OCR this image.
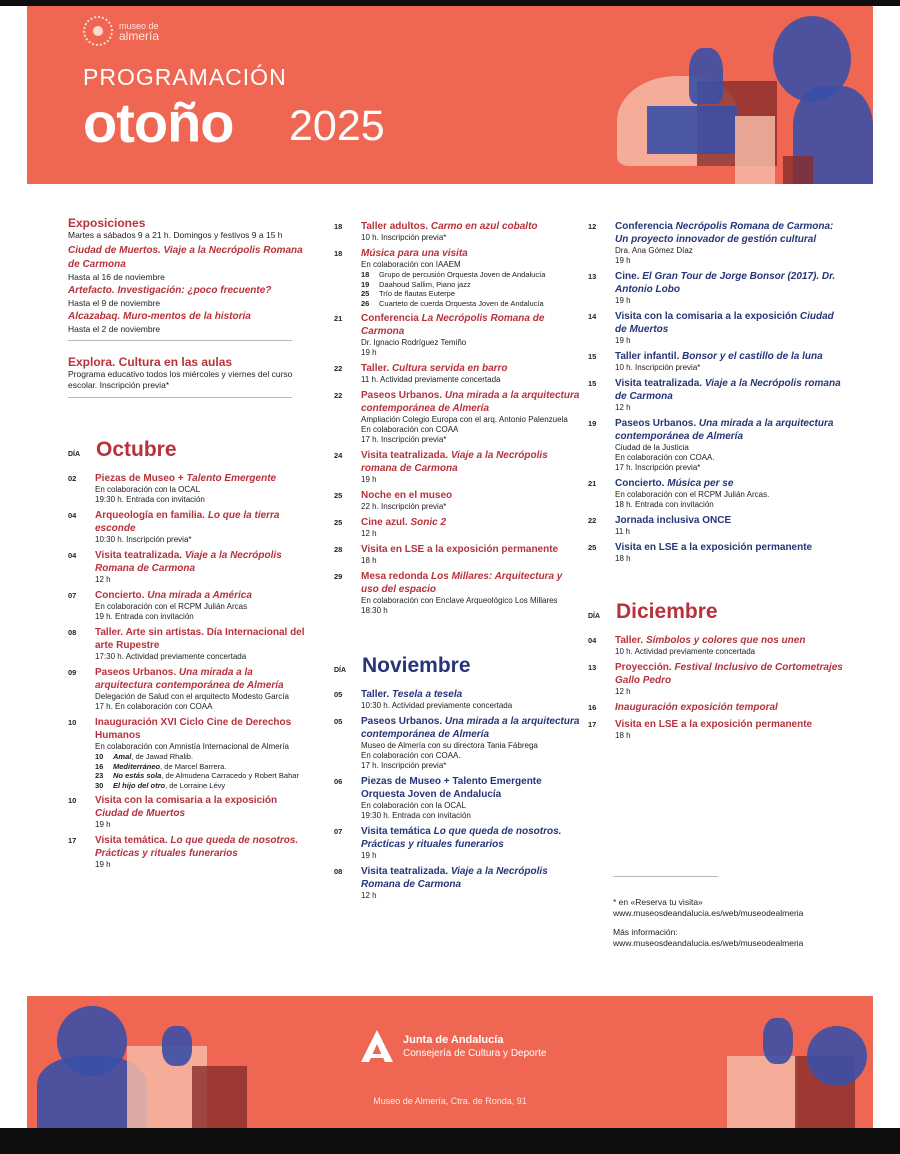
museo de
almería
PROGRAMACIÓN
otoño 2025
Exposiciones
Martes a sábados 9 a 21 h. Domingos y festivos 9 a 15 h
Ciudad de Muertos. Viaje a la Necrópolis Romana de Carmona
Hasta al 16 de noviembre
Artefacto. Investigación: ¿poco frecuente?
Hasta el 9 de noviembre
Alcazabaq. Muro-mentos de la historia
Hasta el 2 de noviembre
Explora. Cultura en las aulas
Programa educativo todos los miércoles y viernes del curso escolar. Inscripción previa*
DÍA Octubre
02	Piezas de Museo + Talento Emergente
En colaboración con la OCAL
19:30 h. Entrada con invitación
04	Arqueología en familia. Lo que la tierra esconde
10:30 h. Inscripción previa*
04	Visita teatralizada. Viaje a la Necrópolis Romana de Carmona
12 h
07	Concierto. Una mirada a América
En colaboración con el RCPM Julián Arcas
19 h. Entrada con invitación
08	Taller. Arte sin artistas. Día Internacional del arte Rupestre
17:30 h. Actividad previamente concertada
09	Paseos Urbanos. Una mirada a la arquitectura contemporánea de Almería
Delegación de Salud con el arquitecto Modesto García
17 h. En colaboración con COAA
10	Inauguración XVI Ciclo Cine de Derechos Humanos
En colaboración con Amnistía Internacional de Almería
10	Amal, de Jawad Rhalib.
16	Mediterráneo, de Marcel Barrera.
23	No estás sola, de Almudena Carracedo y Robert Bahar
30	El hijo del otro, de Lorraine Lévy
10	Visita con la comisaria a la exposición Ciudad de Muertos
19 h
17	Visita temática. Lo que queda de nosotros. Prácticas y rituales funerarios
19 h
18	Taller adultos. Carmo en azul cobalto
10 h. Inscripción previa*
18	Música para una visita
En colaboración con IAAEM
18	Grupo de percusión Orquesta Joven de Andalucía
19	Daahoud Sallim, Piano jazz
25	Trío de flautas Euterpe
26	Cuarteto de cuerda Orquesta Joven de Andalucía
21	Conferencia La Necrópolis Romana de Carmona
Dr. Ignacio Rodríguez Temiño
19 h
22	Taller. Cultura servida en barro
11 h. Actividad previamente concertada
22	Paseos Urbanos. Una mirada a la arquitectura contemporánea de Almería
Ampliación Colegio Europa con el arq. Antonio Palenzuela
En colaboración con COAA
17 h. Inscripción previa*
24	Visita teatralizada. Viaje a la Necrópolis romana de Carmona
19 h
25	Noche en el museo
22 h. Inscripción previa*
25	Cine azul. Sonic 2
12 h
28	Visita en LSE a la exposición permanente
18 h
29	Mesa redonda Los Millares: Arquitectura y uso del espacio
En colaboración con Enclave Arqueológico Los Millares
18:30 h
DÍA Noviembre
05	Taller. Tesela a tesela
10:30 h. Actividad previamente concertada
05	Paseos Urbanos. Una mirada a la arquitectura contemporánea de Almería
Museo de Almería con su directora Tania Fábrega
En colaboración con COAA.
17 h. Inscripción previa*
06	Piezas de Museo + Talento Emergente Orquesta Joven de Andalucía
En colaboración con la OCAL
19:30 h. Entrada con invitación
07	Visita temática Lo que queda de nosotros. Prácticas y rituales funerarios
19 h
08	Visita teatralizada. Viaje a la Necrópolis Romana de Carmona
12 h
12	Conferencia Necrópolis Romana de Carmona: Un proyecto innovador de gestión cultural
Dra. Ana Gómez Díaz
19 h
13	Cine. El Gran Tour de Jorge Bonsor (2017). Dr. Antonio Lobo
19 h
14	Visita con la comisaria a la exposición Ciudad de Muertos
19 h
15	Taller infantil. Bonsor y el castillo de la luna
10 h. Inscripción previa*
15	Visita teatralizada. Viaje a la Necrópolis romana de Carmona
12 h
19	Paseos Urbanos. Una mirada a la arquitectura contemporánea de Almería
Ciudad de la Justicia
En colaboración con COAA.
17 h. Inscripción previa*
21	Concierto. Música per se
En colaboración con el RCPM Julián Arcas.
18 h. Entrada con invitación
22	Jornada inclusiva ONCE
11 h
25	Visita en LSE a la exposición permanente
18 h
DÍA Diciembre
04	Taller. Símbolos y colores que nos unen
10 h. Actividad previamente concertada
13	Proyección. Festival Inclusivo de Cortometrajes Gallo Pedro
12 h
16	Inauguración exposición temporal
17	Visita en LSE a la exposición permanente
18 h
* en «Reserva tu visita»
www.museosdeandalucia.es/web/museodealmeria
Más información:
www.museosdeandalucia.es/web/museodealmeria
Junta de Andalucía
Consejería de Cultura y Deporte
Museo de Almería, Ctra. de Ronda, 91
